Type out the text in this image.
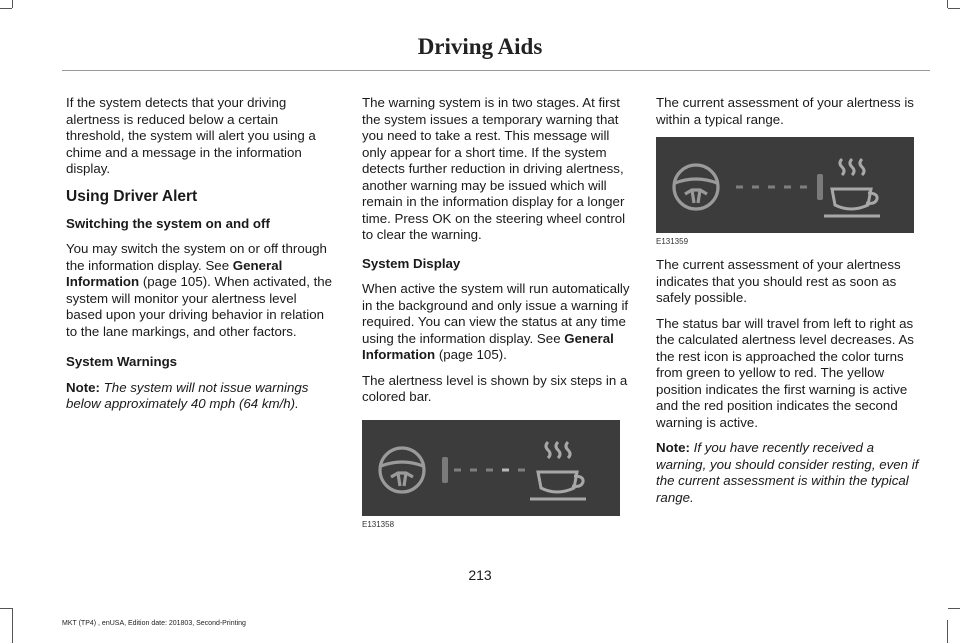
Driving Aids

If the system detects that your driving alertness is reduced below a certain threshold, the system will alert you using a chime and a message in the information display.

Using Driver Alert
Switching the system on and off

You may switch the system on or off through the information display. See General Information (page 105). When activated, the system will monitor your alertness level based upon your driving behavior in relation to the lane markings, and other factors.

System Warnings

Note: The system will not issue warnings below approximately 40 mph (64 km/h).

The warning system is in two stages. At first the system issues a temporary warning that you need to take a rest. This message will only appear for a short time. If the system detects further reduction in driving alertness, another warning may be issued which will remain in the information display for a longer time. Press OK on the steering wheel control to clear the warning.

System Display

When active the system will run automatically in the background and only issue a warning if required. You can view the status at any time using the information display. See General Information (page 105).

The alertness level is shown by six steps in a colored bar.

E131358

The current assessment of your alertness is within a typical range.

E131359

The current assessment of your alertness indicates that you should rest as soon as safely possible.

The status bar will travel from left to right as the calculated alertness level decreases. As the rest icon is approached the color turns from green to yellow to red. The yellow position indicates the first warning is active and the red position indicates the second warning is active.

Note: If you have recently received a warning, you should consider resting, even if the current assessment is within the typical range.

213
MKT (TP4) , enUSA, Edition date: 201803, Second-Printing
